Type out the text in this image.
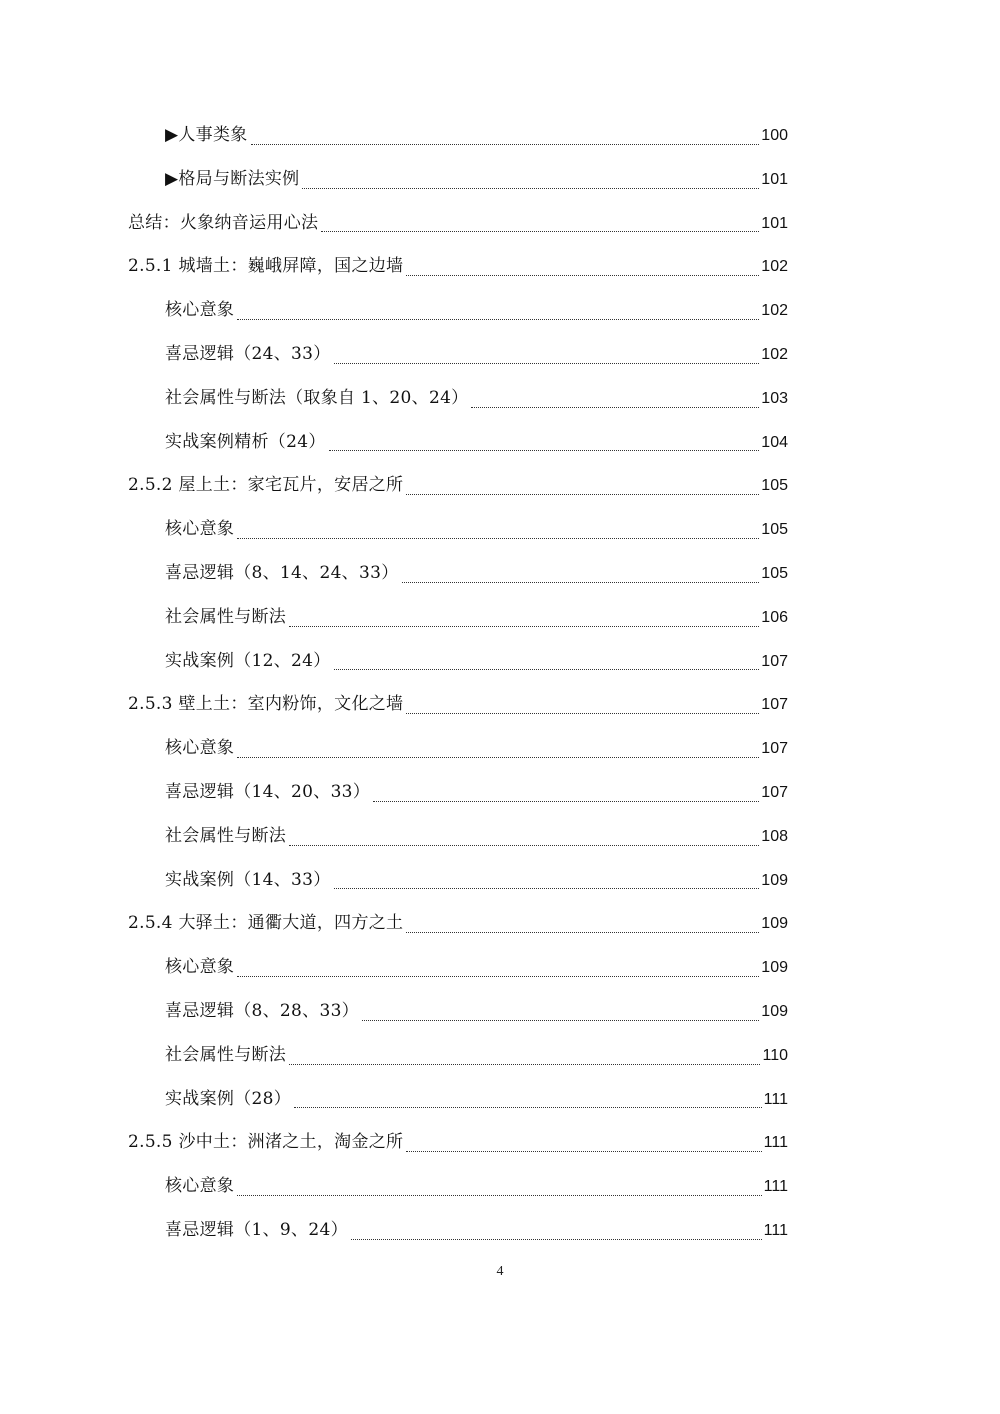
▶人事类象	100
▶格局与断法实例	101
总结：火象纳音运用心法	101
2.5.1 城墙土：巍峨屏障，国之边墙	102
核心意象	102
喜忌逻辑（24、33）	102
社会属性与断法（取象自 1、20、24）	103
实战案例精析（24）	104
2.5.2 屋上土：家宅瓦片，安居之所	105
核心意象	105
喜忌逻辑（8、14、24、33）	105
社会属性与断法	106
实战案例（12、24）	107
2.5.3 壁上土：室内粉饰，文化之墙	107
核心意象	107
喜忌逻辑（14、20、33）	107
社会属性与断法	108
实战案例（14、33）	109
2.5.4 大驿土：通衢大道，四方之土	109
核心意象	109
喜忌逻辑（8、28、33）	109
社会属性与断法	110
实战案例（28）	111
2.5.5 沙中土：洲渚之土，淘金之所	111
核心意象	111
喜忌逻辑（1、9、24）	111
4
